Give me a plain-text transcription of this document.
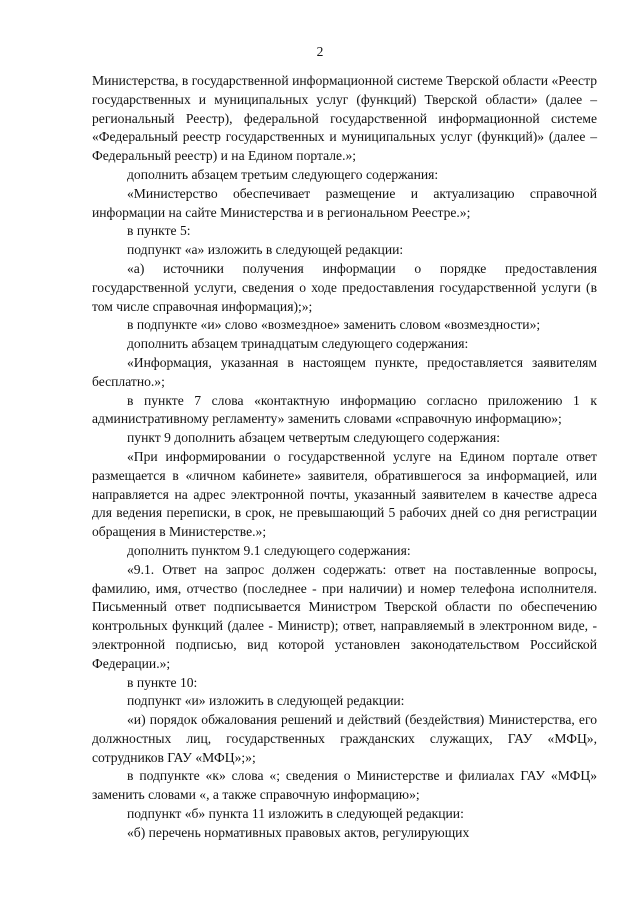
2

Министерства, в государственной информационной системе Тверской области «Реестр государственных и муниципальных услуг (функций) Тверской области» (далее – региональный Реестр), федеральной государственной информационной системе «Федеральный реестр государственных и муниципальных услуг (функций)» (далее – Федеральный реестр) и на Едином портале.»;

дополнить абзацем третьим следующего содержания:

«Министерство обеспечивает размещение и актуализацию справочной информации на сайте Министерства и в региональном Реестре.»;

в пункте 5:

подпункт «а» изложить в следующей редакции:

«а) источники получения информации о порядке предоставления государственной услуги, сведения о ходе предоставления государственной услуги (в том числе справочная информация);»;

в подпункте «и» слово «возмездное» заменить словом «возмездности»;

дополнить абзацем тринадцатым следующего содержания:

«Информация, указанная в настоящем пункте, предоставляется заявителям бесплатно.»;

в пункте 7 слова «контактную информацию согласно приложению 1 к административному регламенту» заменить словами «справочную информацию»;

пункт 9 дополнить абзацем четвертым следующего содержания:

«При информировании о государственной услуге на Едином портале ответ размещается в «личном кабинете» заявителя, обратившегося за информацией, или направляется на адрес электронной почты, указанный заявителем в качестве адреса для ведения переписки, в срок, не превышающий 5 рабочих дней со дня регистрации обращения в Министерстве.»;

дополнить пунктом 9.1 следующего содержания:

«9.1. Ответ на запрос должен содержать: ответ на поставленные вопросы, фамилию, имя, отчество (последнее - при наличии) и номер телефона исполнителя. Письменный ответ подписывается Министром Тверской области по обеспечению контрольных функций (далее - Министр); ответ, направляемый в электронном виде, - электронной подписью, вид которой установлен законодательством Российской Федерации.»;

в пункте 10:

подпункт «и» изложить в следующей редакции:

«и) порядок обжалования решений и действий (бездействия) Министерства, его должностных лиц, государственных гражданских служащих, ГАУ «МФЦ», сотрудников ГАУ «МФЦ»;»;

в подпункте «к» слова «; сведения о Министерстве и филиалах ГАУ «МФЦ» заменить словами «, а также справочную информацию»;

подпункт «б» пункта 11 изложить в следующей редакции:

«б) перечень нормативных правовых актов, регулирующих
